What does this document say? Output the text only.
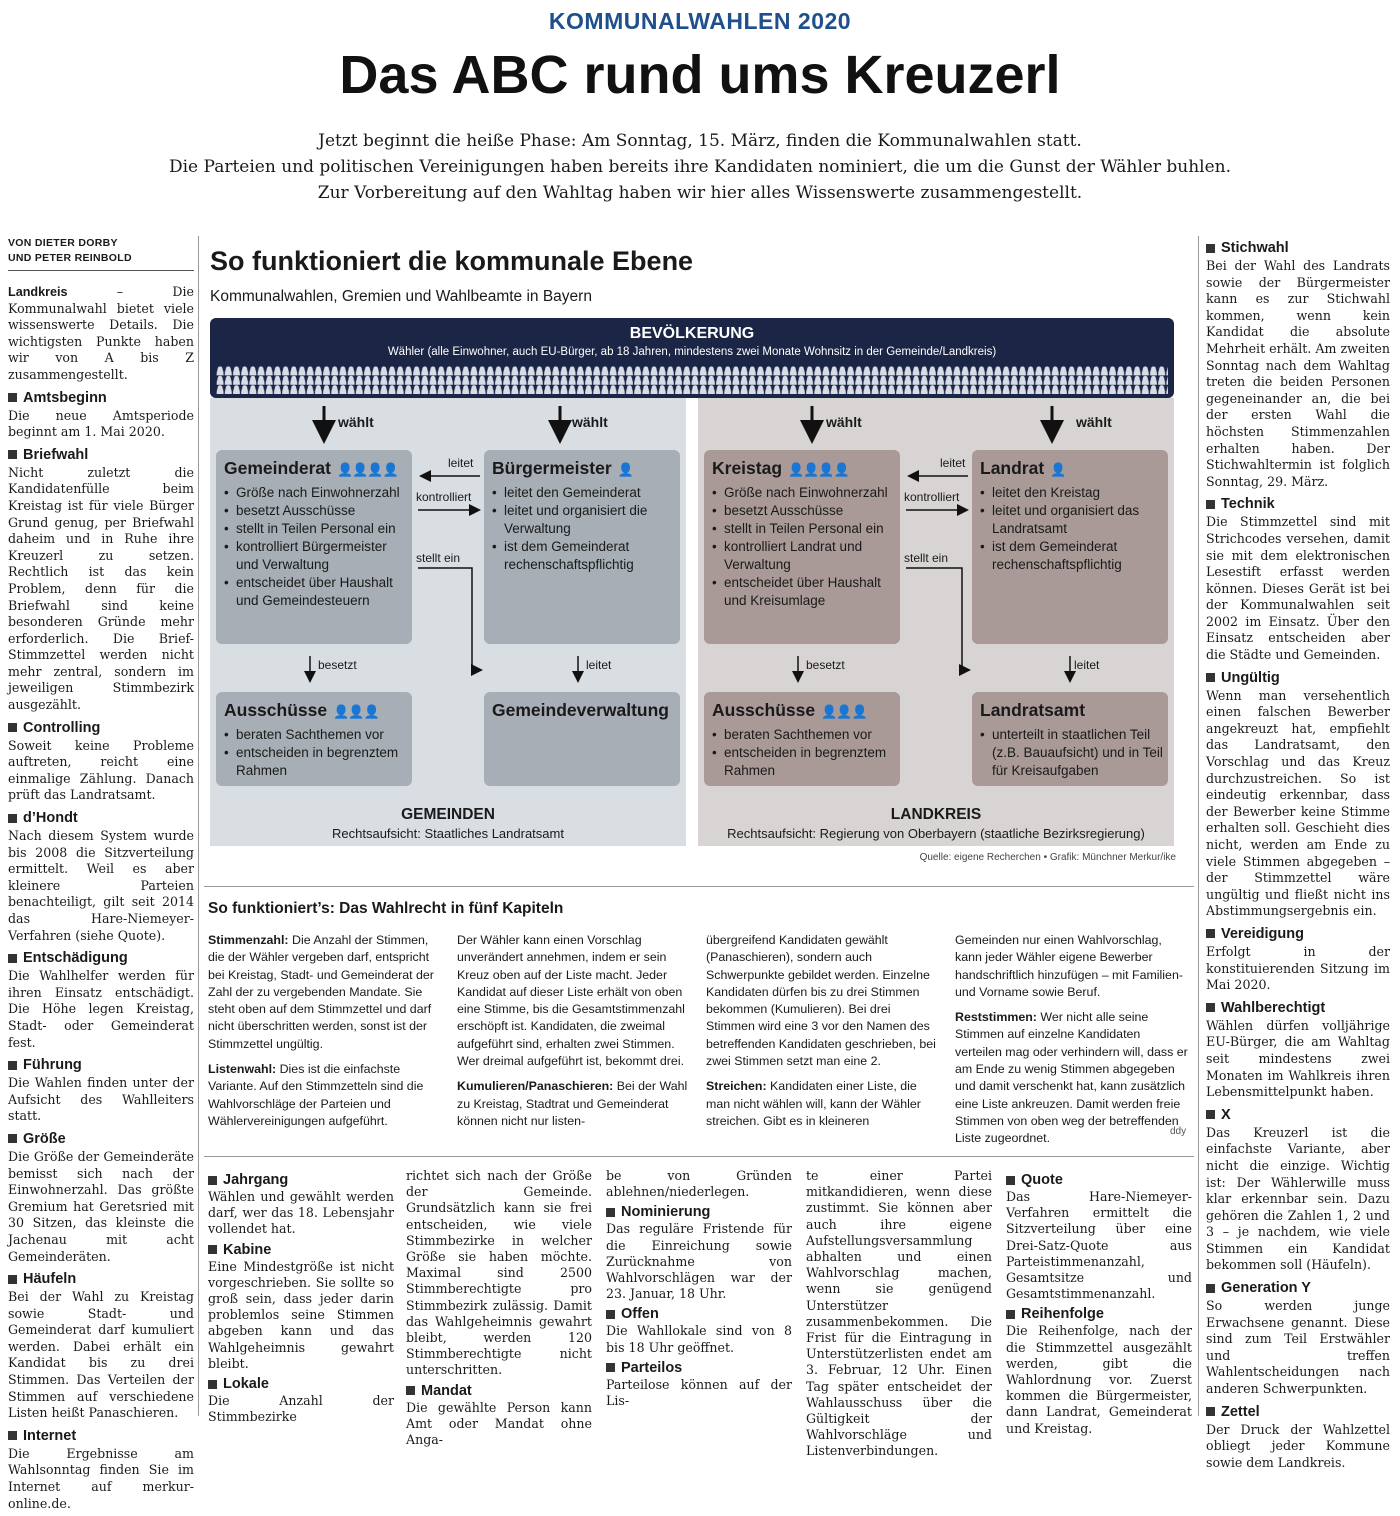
KOMMUNALWAHLEN 2020
Das ABC rund ums Kreuzerl
Jetzt beginnt die heiße Phase: Am Sonntag, 15. März, finden die Kommunalwahlen statt.
Die Parteien und politischen Vereinigungen haben bereits ihre Kandidaten nominiert, die um die Gunst der Wähler buhlen.
Zur Vorbereitung auf den Wahltag haben wir hier alles Wissenswerte zusammengestellt.
VON DIETER DORBY
UND PETER REINBOLD

Landkreis – Die Kommunalwahl bietet viele wissenswerte Details. Die wichtigsten Punkte haben wir von A bis Z zusammengestellt.

Amtsbeginn

Die neue Amtsperiode beginnt am 1. Mai 2020.

Briefwahl

Nicht zuletzt die Kandidatenfülle beim Kreistag ist für viele Bürger Grund genug, per Briefwahl daheim und in Ruhe ihre Kreuzerl zu setzen. Rechtlich ist das kein Problem, denn für die Briefwahl sind keine besonderen Gründe mehr erforderlich. Die Brief-Stimmzettel werden nicht mehr zentral, sondern im jeweiligen Stimmbezirk ausgezählt.

Controlling

Soweit keine Probleme auftreten, reicht eine einmalige Zählung. Danach prüft das Landratsamt.

d’Hondt

Nach diesem System wurde bis 2008 die Sitzverteilung ermittelt. Weil es aber kleinere Parteien benachteiligt, gilt seit 2014 das Hare-Niemeyer-Verfahren (siehe Quote).

Entschädigung

Die Wahlhelfer werden für ihren Einsatz entschädigt. Die Höhe legen Kreistag, Stadt- oder Gemeinderat fest.

Führung

Die Wahlen finden unter der Aufsicht des Wahlleiters statt.

Größe

Die Größe der Gemeinderäte bemisst sich nach der Einwohnerzahl. Das größte Gremium hat Geretsried mit 30 Sitzen, das kleinste die Jachenau mit acht Gemeinderäten.

Häufeln

Bei der Wahl zu Kreistag sowie Stadt- und Gemeinderat darf kumuliert werden. Dabei erhält ein Kandidat bis zu drei Stimmen. Das Verteilen der Stimmen auf verschiedene Listen heißt Panaschieren.

Internet

Die Ergebnisse am Wahlsonntag finden Sie im Internet auf merkur-online.de.

Stichwahl

Bei der Wahl des Landrats sowie der Bürgermeister kann es zur Stichwahl kommen, wenn kein Kandidat die absolute Mehrheit erhält. Am zweiten Sonntag nach dem Wahltag treten die beiden Personen gegeneinander an, die bei der ersten Wahl die höchsten Stimmenzahlen erhalten haben. Der Stichwahltermin ist folglich Sonntag, 29. März.

Technik

Die Stimmzettel sind mit Strichcodes versehen, damit sie mit dem elektronischen Lesestift erfasst werden können. Dieses Gerät ist bei der Kommunalwahlen seit 2002 im Einsatz. Über den Einsatz entscheiden aber die Städte und Gemeinden.

Ungültig

Wenn man versehentlich einen falschen Bewerber angekreuzt hat, empfiehlt das Landratsamt, den Vorschlag und das Kreuz durchzustreichen. So ist eindeutig erkennbar, dass der Bewerber keine Stimme erhalten soll. Geschieht dies nicht, werden am Ende zu viele Stimmen abgegeben – der Stimmzettel wäre ungültig und fließt nicht ins Abstimmungsergebnis ein.

Vereidigung

Erfolgt in der konstituierenden Sitzung im Mai 2020.

Wahlberechtigt

Wählen dürfen volljährige EU-Bürger, die am Wahltag seit mindestens zwei Monaten im Wahlkreis ihren Lebensmittelpunkt haben.

X

Das Kreuzerl ist die einfachste Variante, aber nicht die einzige. Wichtig ist: Der Wählerwille muss klar erkennbar sein. Dazu gehören die Zahlen 1, 2 und 3 – je nachdem, wie viele Stimmen ein Kandidat bekommen soll (Häufeln).

Generation Y

So werden junge Erwachsene genannt. Diese sind zum Teil Erstwähler und treffen Wahlentscheidungen nach anderen Schwerpunkten.

Zettel

Der Druck der Wahlzettel obliegt jeder Kommune sowie dem Landkreis.

So funktioniert die kommunale Ebene
Kommunalwahlen, Gremien und Wahlbeamte in Bayern
BEVÖLKERUNG
Wähler (alle Einwohner, auch EU-Bürger, ab 18 Jahren, mindestens zwei Monate Wohnsitz in der Gemeinde/Landkreis)
wählt	wählt
Gemeinderat 👤👤👤👤
• Größe nach Einwohnerzahl
• besetzt Ausschüsse
• stellt in Teilen Personal ein
• kontrolliert Bürgermeister und Verwaltung
• entscheidet über Haushalt und Gemeindesteuern
Bürgermeister 👤
• leitet den Gemeinderat
• leitet und organisiert die Verwaltung
• ist dem Gemeinderat rechenschaftspflichtig
leitet
kontrolliert
stellt ein
besetzt	leitet
Ausschüsse 👤👤👤
• beraten Sachthemen vor
• entscheiden in begrenztem Rahmen
Gemeindeverwaltung
GEMEINDEN
Rechtsaufsicht: Staatliches Landratsamt
wählt	wählt
Kreistag 👤👤👤👤
• Größe nach Einwohnerzahl
• besetzt Ausschüsse
• stellt in Teilen Personal ein
• kontrolliert Landrat und Verwaltung
• entscheidet über Haushalt und Kreisumlage
Landrat 👤
• leitet den Kreistag
• leitet und organisiert das Landratsamt
• ist dem Gemeinderat rechenschaftspflichtig
leitet
kontrolliert
stellt ein
besetzt	leitet
Ausschüsse 👤👤👤
• beraten Sachthemen vor
• entscheiden in begrenztem Rahmen
Landratsamt
• unterteilt in staatlichen Teil (z.B. Bauaufsicht) und in Teil für Kreisaufgaben
LANDKREIS
Rechtsaufsicht: Regierung von Oberbayern (staatliche Bezirksregierung)
Quelle: eigene Recherchen • Grafik: Münchner Merkur/ike
So funktioniert’s: Das Wahlrecht in fünf Kapiteln

Stimmenzahl: Die Anzahl der Stimmen, die der Wähler vergeben darf, entspricht bei Kreistag, Stadt- und Gemeinderat der Zahl der zu vergebenden Mandate. Sie steht oben auf dem Stimmzettel und darf nicht überschritten werden, sonst ist der Stimmzettel ungültig.

Listenwahl: Dies ist die einfachste Variante. Auf den Stimmzetteln sind die Wahlvorschläge der Parteien und Wählervereinigungen aufgeführt.

Der Wähler kann einen Vorschlag unverändert annehmen, indem er sein Kreuz oben auf der Liste macht. Jeder Kandidat auf dieser Liste erhält von oben eine Stimme, bis die Gesamtstimmenzahl erschöpft ist. Kandidaten, die zweimal aufgeführt sind, erhalten zwei Stimmen. Wer dreimal aufgeführt ist, bekommt drei.

Kumulieren/Panaschieren: Bei der Wahl zu Kreistag, Stadtrat und Gemeinderat können nicht nur listen-

übergreifend Kandidaten gewählt (Panaschieren), sondern auch Schwerpunkte gebildet werden. Einzelne Kandidaten dürfen bis zu drei Stimmen bekommen (Kumulieren). Bei drei Stimmen wird eine 3 vor den Namen des betreffenden Kandidaten geschrieben, bei zwei Stimmen setzt man eine 2.

Streichen: Kandidaten einer Liste, die man nicht wählen will, kann der Wähler streichen. Gibt es in kleineren

Gemeinden nur einen Wahlvorschlag, kann jeder Wähler eigene Bewerber handschriftlich hinzufügen – mit Familien- und Vorname sowie Beruf.

Reststimmen: Wer nicht alle seine Stimmen auf einzelne Kandidaten verteilen mag oder verhindern will, dass er am Ende zu wenig Stimmen abgegeben und damit verschenkt hat, kann zusätzlich eine Liste ankreuzen. Damit werden freie Stimmen von oben weg der betreffenden Liste zugeordnet.	ddy
Jahrgang

Wählen und gewählt werden darf, wer das 18. Lebensjahr vollendet hat.

Kabine

Eine Mindestgröße ist nicht vorgeschrieben. Sie sollte so groß sein, dass jeder darin problemlos seine Stimmen abgeben kann und das Wahlgeheimnis gewahrt bleibt.

Lokale

Die Anzahl der Stimmbezirke

richtet sich nach der Größe der Gemeinde. Grundsätzlich kann sie frei entscheiden, wie viele Stimmbezirke in welcher Größe sie haben möchte. Maximal sind 2500 Stimmberechtigte pro Stimmbezirk zulässig. Damit das Wahlgeheimnis gewahrt bleibt, werden 120 Stimmberechtigte nicht unterschritten.

Mandat

Die gewählte Person kann Amt oder Mandat ohne Anga-

be von Gründen ablehnen/niederlegen.

Nominierung

Das reguläre Fristende für die Einreichung sowie Zurücknahme von Wahlvorschlägen war der 23. Januar, 18 Uhr.

Offen

Die Wahllokale sind von 8 bis 18 Uhr geöffnet.

Parteilos

Parteilose können auf der Lis-

te einer Partei mitkandidieren, wenn diese zustimmt. Sie können aber auch ihre eigene Aufstellungsversammlung abhalten und einen Wahlvorschlag machen, wenn sie genügend Unterstützer zusammenbekommen. Die Frist für die Eintragung in Unterstützerlisten endet am 3. Februar, 12 Uhr. Einen Tag später entscheidet der Wahlausschuss über die Gültigkeit der Wahlvorschläge und Listenverbindungen.

Quote

Das Hare-Niemeyer-Verfahren ermittelt die Sitzverteilung über eine Drei-Satz-Quote aus Parteistimmenanzahl, Gesamtsitze und Gesamtstimmenanzahl.

Reihenfolge

Die Reihenfolge, nach der die Stimmzettel ausgezählt werden, gibt die Wahlordnung vor. Zuerst kommen die Bürgermeister, dann Landrat, Gemeinderat und Kreistag.
